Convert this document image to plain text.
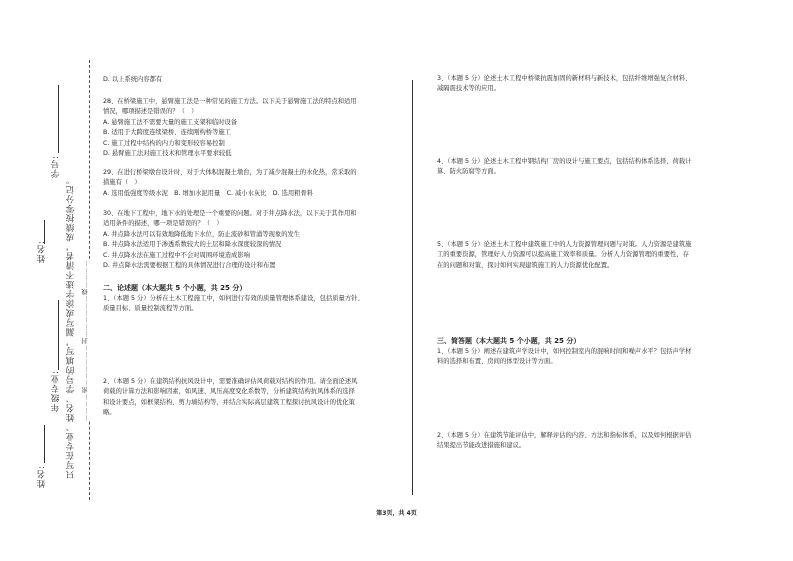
学号:
姓名:
年级专业:
姓名: 只写在专业、姓名、学号的填写，漏写或涂字迹不清者，成绩按零分记。 …………密………………封………………线…………
D. 以上系统内容都有
28、在桥梁施工中，悬臂施工法是一种常见的施工方法。以下关于悬臂施工法的特点和适用
情况，哪项描述是错误的？（　）
A. 悬臂施工法不需要大量的施工支架和临时设备
B. 适用于大跨度连续梁桥、连续刚构桥等施工
C. 施工过程中结构的内力和变形较容易控制
D. 悬臂施工法对施工技术和管理水平要求较低
29、在进行桥梁墩台设计时，对于大体积混凝土墩台，为了减少混凝土的水化热，常采取的
措施有（　）
A. 选用低强度等级水泥　B. 增加水泥用量　C. 减小水灰比　D. 选用粗骨料
30、在地下工程中，地下水的处理是一个重要的问题。对于井点降水法，以下关于其作用和
适用条件的描述，哪一项是错误的？（　）
A. 井点降水法可以有效地降低地下水位，防止流砂和管涌等现象的发生
B. 井点降水法适用于渗透系数较大的土层和降水深度较深的情况
C. 井点降水法在施工过程中不会对周围环境造成影响
D. 井点降水法需要根据工程的具体情况进行合理的设计和布置
二、论述题（本大题共 5 个小题，共 25 分）
1、（本题 5 分）分析在土木工程施工中，如何进行有效的质量管理体系建设，包括质量方针、
质量目标、质量控制流程等方面。
2、（本题 5 分）在建筑结构抗风设计中，需要准确评估风荷载对结构的作用。请全面论述风
荷载的计算方法和影响因素，如风速、风压高度变化系数等，分析建筑结构抗风体系的选择
和设计要点，如框架结构、剪力墙结构等，并结合实际高层建筑工程探讨抗风设计的优化策
略。
3、（本题 5 分）论述土木工程中桥梁抗震加固的新材料与新技术，包括纤维增强复合材料、
减隔震技术等的应用。
4、（本题 5 分）论述土木工程中钢结构厂房的设计与施工要点，包括结构体系选择、荷载计
算、防火防腐等方面。
5、（本题 5 分）论述土木工程中建筑施工中的人力资源管理问题与对策。人力资源是建筑施
工的重要资源，管理好人力资源可以提高施工效率和质量。分析人力资源管理的重要性、存
在的问题和对策，探讨如何实现建筑施工的人力资源优化配置。
三、简答题（本大题共 5 个小题，共 25 分）
1、（本题 5 分）阐述在建筑声学设计中，如何控制室内的混响时间和噪声水平？包括声学材
料的选择和布置、房间的体型设计等方面。
2、（本题 5 分）在建筑节能评估中，解释评估的内容、方法和指标体系，以及如何根据评估
结果提出节能改进措施和建议。
第3页，共 4页
